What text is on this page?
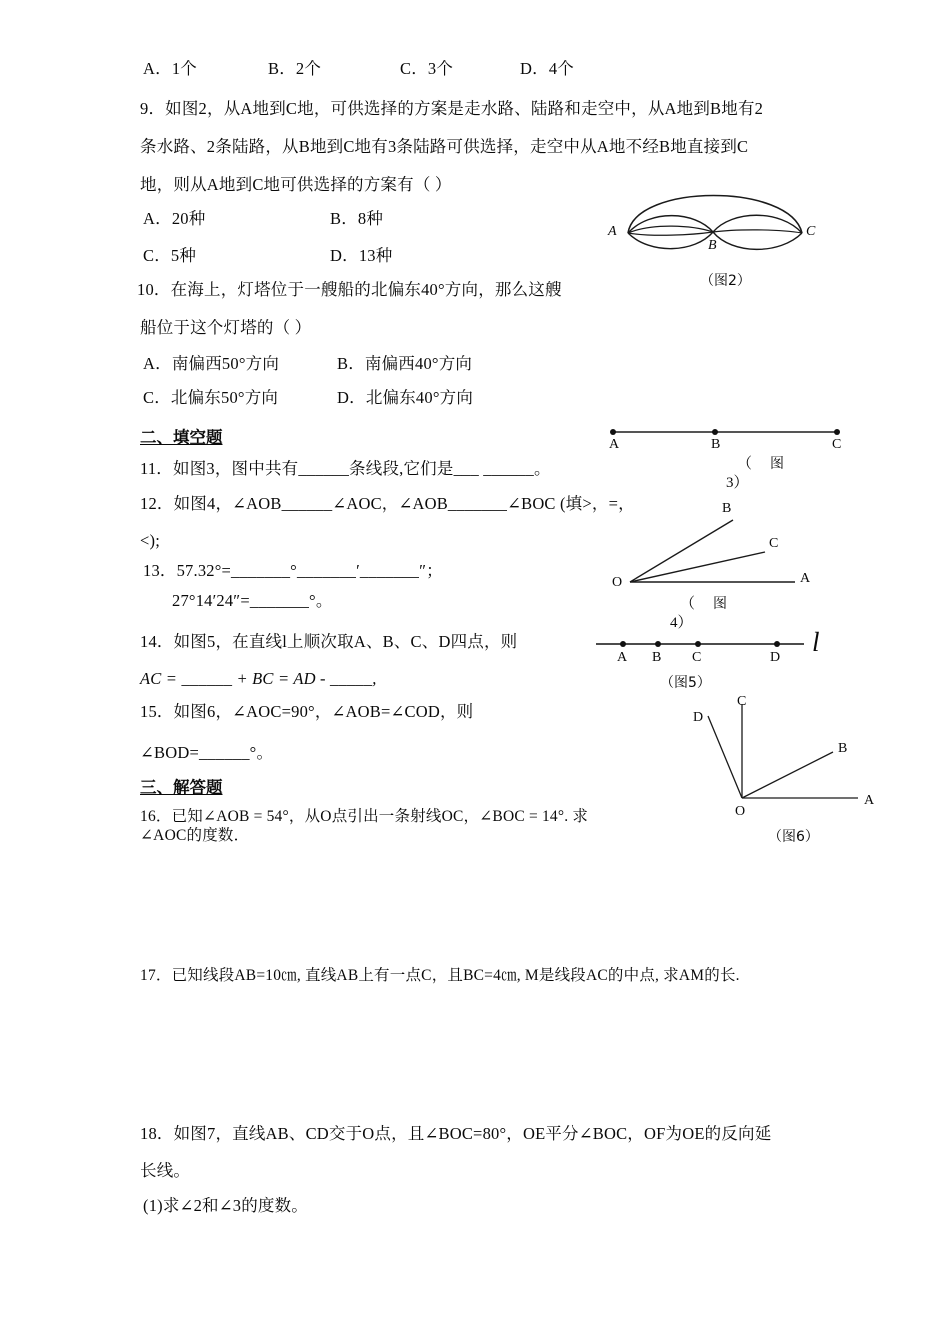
A．1个	B．2个	C．3个	D．4个
9．如图2，从A地到C地，可供选择的方案是走水路、陆路和走空中，从A地到B地有2
条水路、2条陆路，从B地到C地有3条陆路可供选择，走空中从A地不经B地直接到C
地，则从A地到C地可供选择的方案有（ ）
A．20种	B．8种
C．5种	D．13种
A
B
C
（图2）
10．在海上，灯塔位于一艘船的北偏东40°方向，那么这艘
船位于这个灯塔的（ ）
A．南偏西50°方向	B．南偏西40°方向
C．北偏东50°方向	D．北偏东40°方向
二、填空题	A	B	C
（ 图
3）
11．如图3，图中共有______条线段,它们是___ ______。
12．如图4，∠AOB______∠AOC，∠AOB_______∠BOC (填>，=，
<);
B
C
O	A
（ 图
4）
13．57.32°=_______°_______′_______″；
27°14′24″=_______°。
14．如图5，在直线l上顺次取A、B、C、D四点，则
AC = ______ + BC = AD - _____,
A B C	D
l
（图5）
15．如图6，∠AOC=90°，∠AOB=∠COD，则
∠BOD=______°。
D
C
B
A
O
（图6）
三、解答题
16．已知∠AOB = 54°，从O点引出一条射线OC，∠BOC = 14°. 求
∠AOC的度数．
17．已知线段AB=10㎝, 直线AB上有一点C，且BC=4㎝, M是线段AC的中点, 求AM的长.
18．如图7，直线AB、CD交于O点，且∠BOC=80°，OE平分∠BOC，OF为OE的反向延
长线。
(1)求∠2和∠3的度数。
